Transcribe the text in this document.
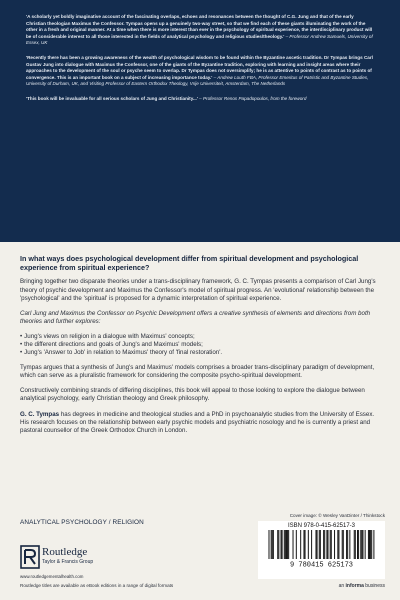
'A scholarly yet boldly imaginative account of the fascinating overlaps, echoes and resonances between the thought of C.G. Jung and that of the early Christian theologian Maximus the Confessor. Tympas opens up a genuinely two-way street, so that we find each of these giants illuminating the work of the other in a fresh and original manner. At a time when there is more interest than ever in the psychology of spiritual experience, the interdisciplinary product will be of considerable interest to all those interested in the fields of analytical psychology and religious studies/theology.' – Professor Andrew Samuels, University of Essex, UK

'Recently there has been a growing awareness of the wealth of psychological wisdom to be found within the Byzantine ascetic tradition. Dr Tympas brings Carl Gustav Jung into dialogue with Maximus the Confessor, one of the giants of the Byzantine tradition, exploring with learning and insight areas where their approaches to the development of the soul or psyche seem to overlap. Dr Tympas does not oversimplify; he is as attentive to points of contrast as to points of convergence. This is an important book on a subject of increasing importance today.' – Andrew Louth FBA, Professor Emeritus of Patristic and Byzantine Studies, University of Durham, UK, and Visiting Professor of Eastern Orthodox Theology, Vrije Universiteit, Amsterdam, The Netherlands

'This book will be invaluable for all serious scholars of Jung and Christianity...' – Professor Renos Papadopoulos, from the foreword

In what ways does psychological development differ from spiritual development and psychological experience from spiritual experience?

Bringing together two disparate theories under a trans-disciplinary framework, G. C. Tympas presents a comparison of Carl Jung's theory of psychic development and Maximus the Confessor's model of spiritual progress. An 'evolutional' relationship between the 'psychological' and the 'spiritual' is proposed for a dynamic interpretation of spiritual experience.

Carl Jung and Maximus the Confessor on Psychic Development offers a creative synthesis of elements and directions from both theories and further explores:

• Jung's views on religion in a dialogue with Maximus' concepts;
• the different directions and goals of Jung's and Maximus' models;
• Jung's 'Answer to Job' in relation to Maximus' theory of 'final restoration'.

Tympas argues that a synthesis of Jung's and Maximus' models comprises a broader trans-disciplinary paradigm of development, which can serve as a pluralistic framework for considering the composite psycho-spiritual development.

Constructively combining strands of differing disciplines, this book will appeal to those looking to explore the dialogue between analytical psychology, early Christian theology and Greek philosophy.

G. C. Tympas has degrees in medicine and theological studies and a PhD in psychoanalytic studies from the University of Essex. His research focuses on the relationship between early psychic models and psychiatric nosology and he is currently a priest and pastoral counsellor of the Greek Orthodox Church in London.

ANALYTICAL PSYCHOLOGY / RELIGION
Cover image: © Wesley VanDinter / Thinkstock
Routledge
Taylor & Francis Group
www.routledgementalhealth.com
ISBN 978-0-415-62517-3
9 780415 625173
Routledge titles are available as eBook editions in a range of digital formats	an informa business
